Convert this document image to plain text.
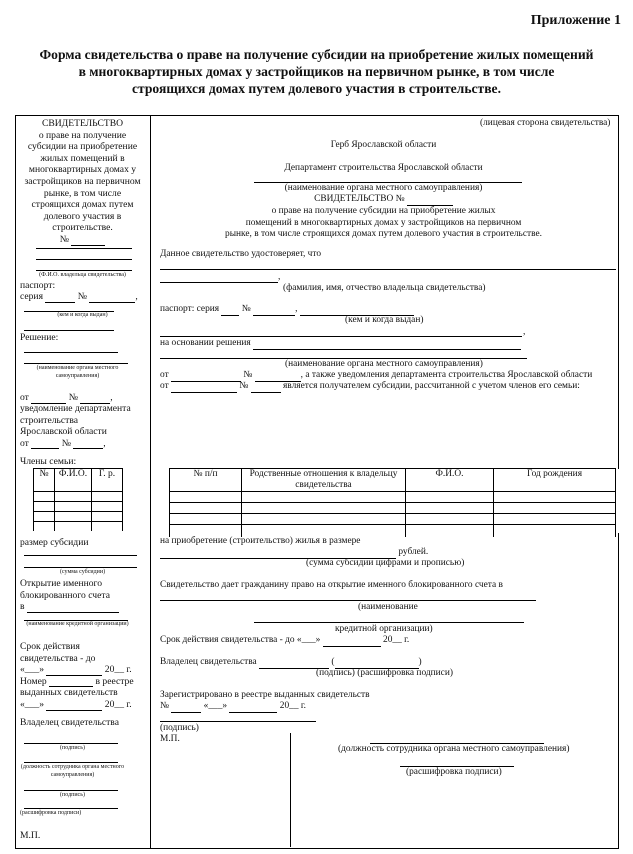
Приложение 1
Форма свидетельства о праве на получение субсидии на приобретение жилых помещений
в многоквартирных домах у застройщиков на первичном рынке, в том числе
строящихся домах путем долевого участия в строительстве.
СВИДЕТЕЛЬСТВО
о праве на получение
субсидии на приобретение
жилых помещений в
многоквартирных домах у
застройщиков на первичном
рынке, в том числе
строящихся домах путем
долевого участия в
строительстве.
№
(Ф.И.О. владельца свидетельства)
паспорт:
серия	№	,
(кем и когда выдан)
Решение:
(наименование органа местного самоуправления)
от	№	,
уведомление департамента
строительства
Ярославской области
от	№	,
Члены семьи:
№	Ф.И.О.	Г. р.

размер субсидии
(сумма субсидии)
Открытие именного
блокированного счета
в
(наименование кредитной организации)
Срок действия
свидетельства - до
«___»	20__ г.
Номер	в реестре
выданных свидетельств
«___»	20__ г.
Владелец свидетельства
(подпись)
(должность сотрудника органа местного самоуправления)
(подпись)
(расшифровка подписи)
М.П.
(лицевая сторона свидетельства)
Герб Ярославской области
Департамент строительства Ярославской области
(наименование органа местного самоуправления)
СВИДЕТЕЛЬСТВО №
о праве на получение субсидии на приобретение жилых
помещений в многоквартирных домах у застройщиков на первичном
рынке, в том числе строящихся домах путем долевого участия в строительстве.
Данное свидетельство удостоверяет, что
,
(фамилия, имя, отчество владельца свидетельства)
паспорт: серия №	,
(кем и когда выдан)
,
на основании решения
(наименование органа местного самоуправления)
от	№	, а также уведомления департамента строительства Ярославской области
от	№	является получателем субсидии, рассчитанной с учетом членов его семьи:
№ п/п	Родственные отношения к владельцу свидетельства	Ф.И.О.	Год рождения

на приобретение (строительство) жилья в размере
рублей.
(сумма субсидии цифрами и прописью)
Свидетельство дает гражданину право на открытие именного блокированного счета в
(наименование
кредитной организации)
Срок действия свидетельства - до «___»	20__ г.
Владелец свидетельства	(	)
(подпись) (расшифровка подписи)
Зарегистрировано в реестре выданных свидетельств
№	«___»	20__ г.
(подпись)
М.П.
(должность сотрудника органа местного самоуправления)
(расшифровка подписи)
